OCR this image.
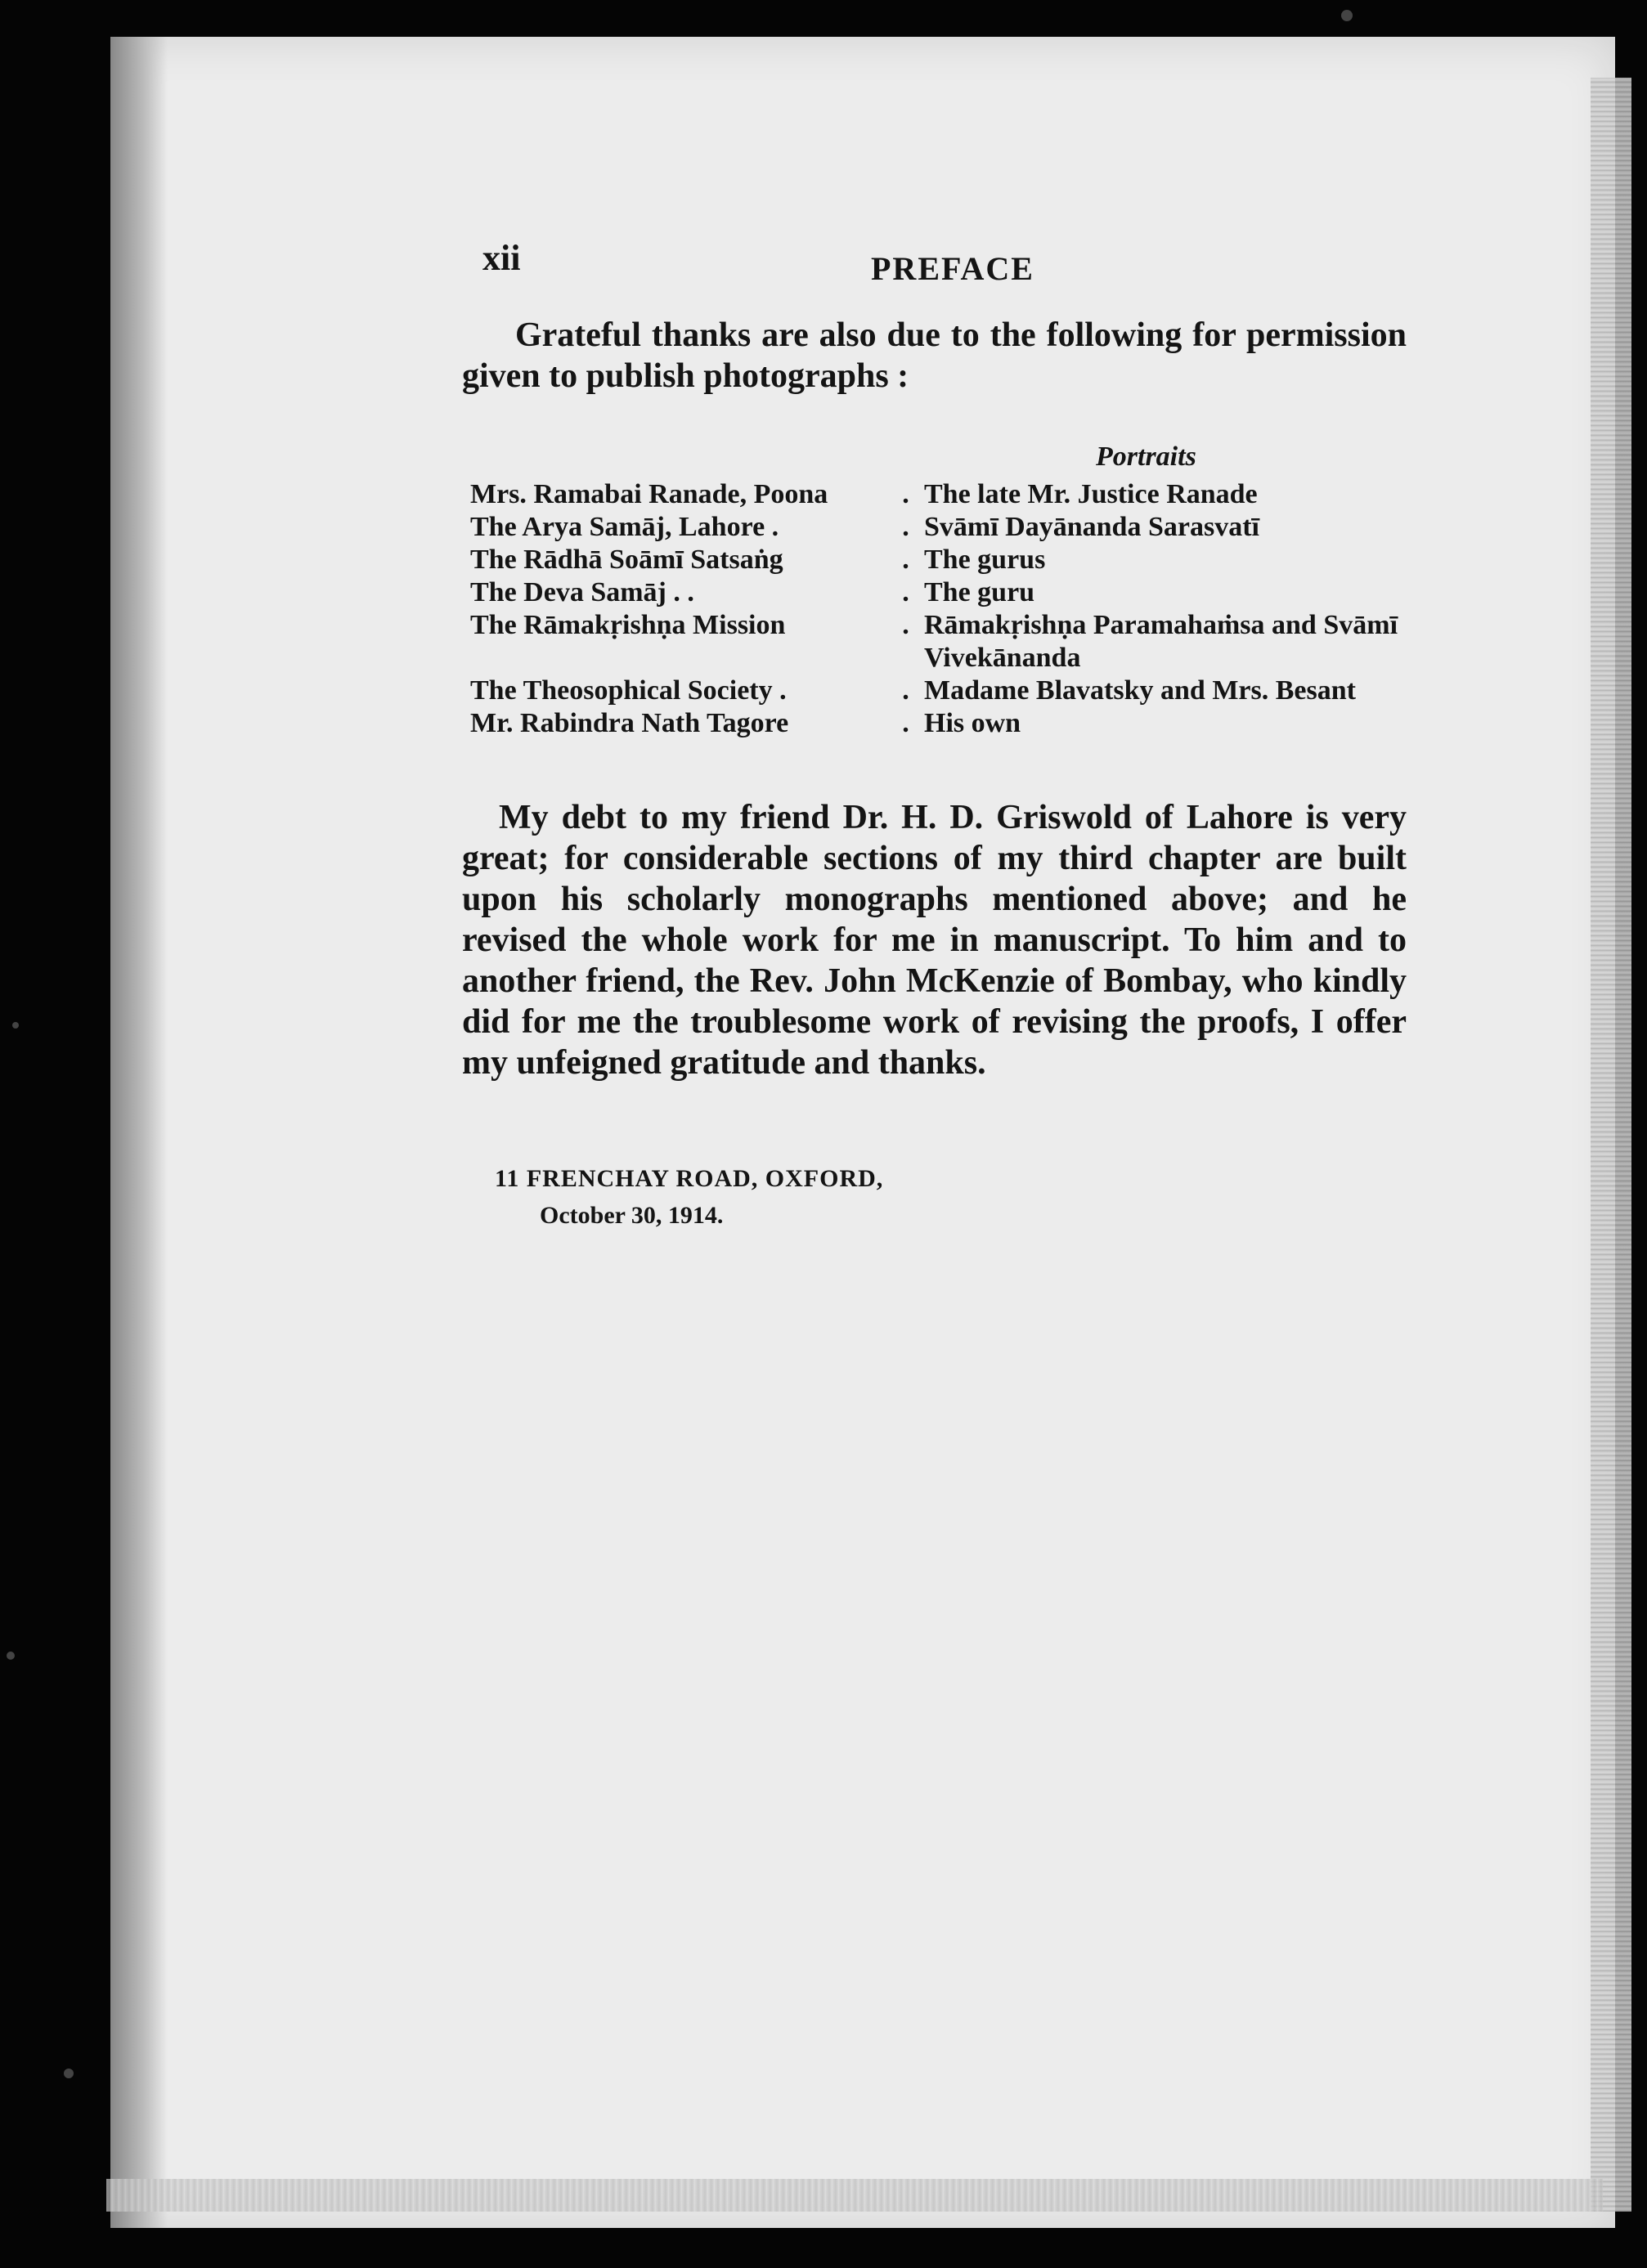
xii	PREFACE

Grateful thanks are also due to the following for permission given to publish photographs :

Portraits
Mrs. Ramabai Ranade, Poona	. The late Mr. Justice Ranade
The Arya Samāj, Lahore .	. Svāmī Dayānanda Sarasvatī
The Rādhā Soāmī Satsaṅg	. The gurus
The Deva Samāj . .	. The guru
The Rāmakṛishṇa Mission	. Rāmakṛishṇa Paramahaṁsa and Svāmī Vivekānanda
The Theosophical Society .	. Madame Blavatsky and Mrs. Besant
Mr. Rabindra Nath Tagore	. His own

My debt to my friend Dr. H. D. Griswold of Lahore is very great; for considerable sections of my third chapter are built upon his scholarly monographs mentioned above; and he revised the whole work for me in manuscript. To him and to another friend, the Rev. John McKenzie of Bombay, who kindly did for me the troublesome work of revising the proofs, I offer my unfeigned gratitude and thanks.

11 FRENCHAY ROAD, OXFORD,
October 30, 1914.
